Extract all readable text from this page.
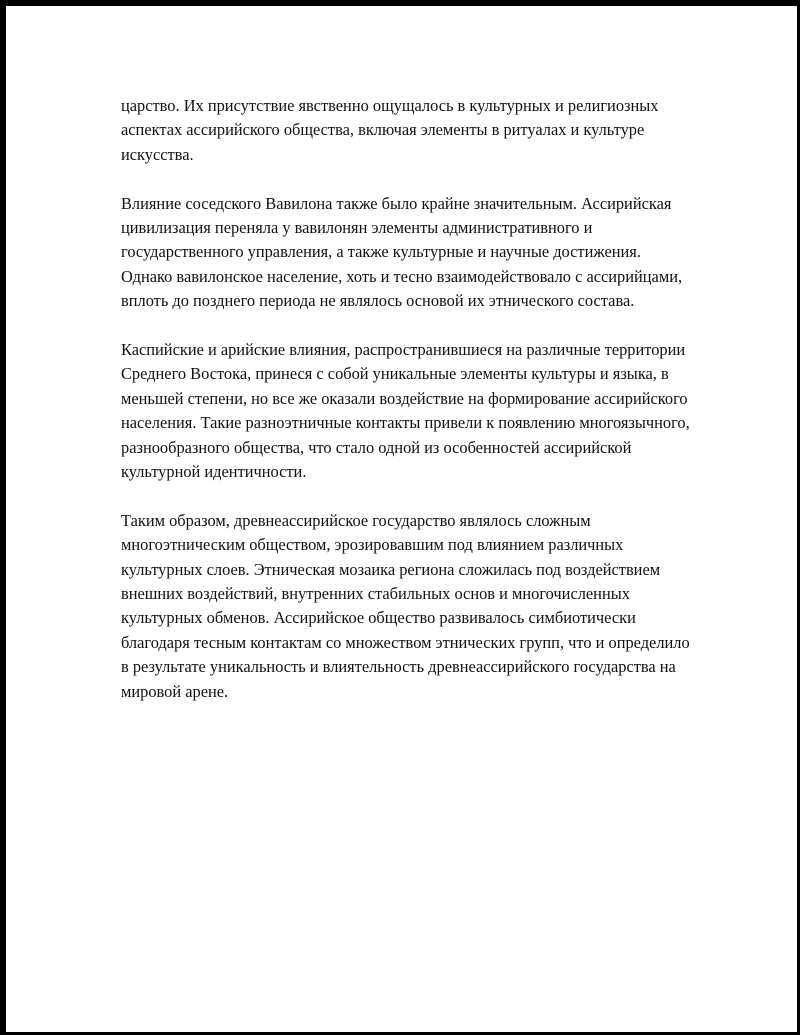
царство. Их присутствие явственно ощущалось в культурных и религиозных аспектах ассирийского общества, включая элементы в ритуалах и культуре искусства.

Влияние соседского Вавилона также было крайне значительным. Ассирийская цивилизация переняла у вавилонян элементы административного и государственного управления, а также культурные и научные достижения. Однако вавилонское население, хоть и тесно взаимодействовало с ассирийцами, вплоть до позднего периода не являлось основой их этнического состава.

Каспийские и арийские влияния, распространившиеся на различные территории Среднего Востока, принеся с собой уникальные элементы культуры и языка, в меньшей степени, но все же оказали воздействие на формирование ассирийского населения. Такие разноэтничные контакты привели к появлению многоязычного, разнообразного общества, что стало одной из особенностей ассирийской культурной идентичности.

Таким образом, древнеассирийское государство являлось сложным многоэтническим обществом, эрозировавшим под влиянием различных культурных слоев. Этническая мозаика региона сложилась под воздействием внешних воздействий, внутренних стабильных основ и многочисленных культурных обменов. Ассирийское общество развивалось симбиотически благодаря тесным контактам со множеством этнических групп, что и определило в результате уникальность и влиятельность древнеассирийского государства на мировой арене.
